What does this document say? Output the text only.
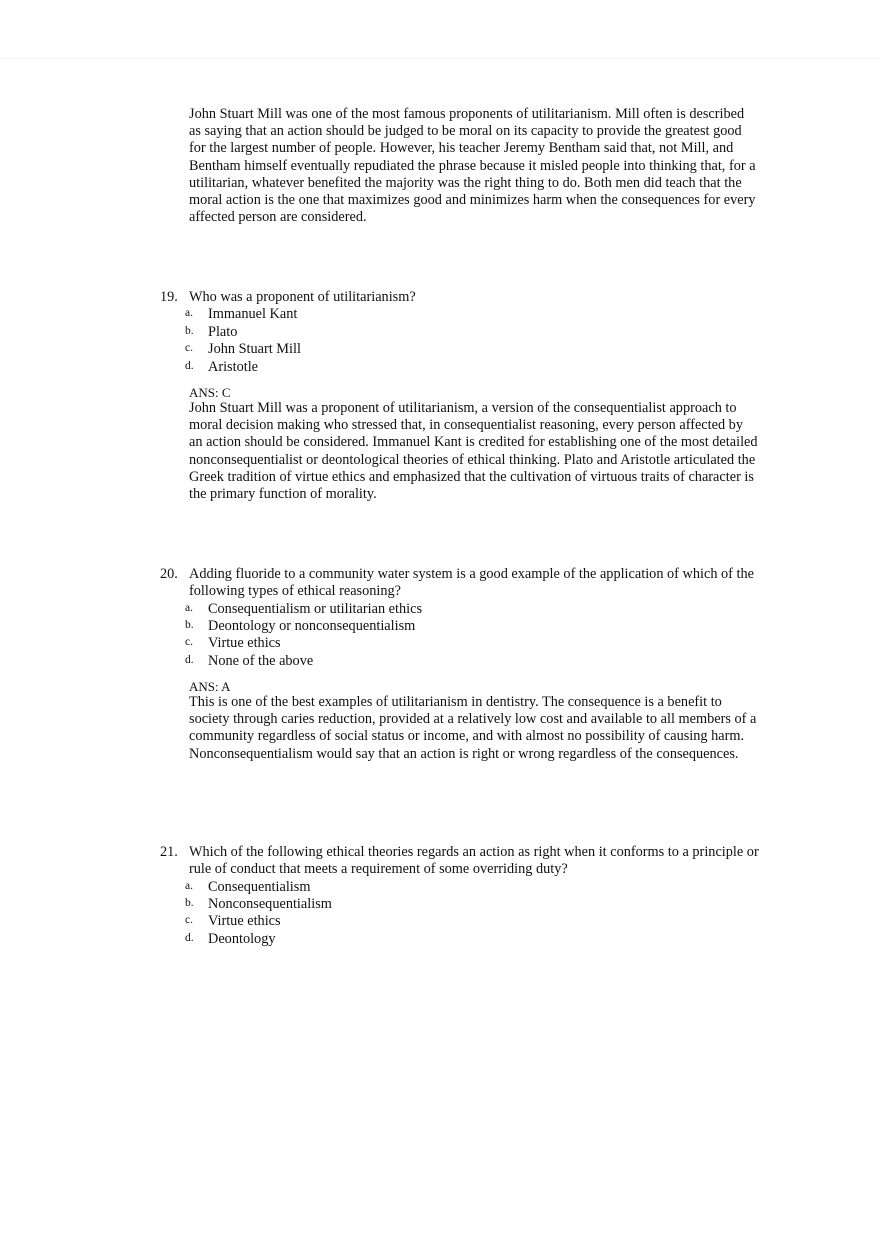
John Stuart Mill was one of the most famous proponents of utilitarianism. Mill often is described as saying that an action should be judged to be moral on its capacity to provide the greatest good for the largest number of people. However, his teacher Jeremy Bentham said that, not Mill, and Bentham himself eventually repudiated the phrase because it misled people into thinking that, for a utilitarian, whatever benefited the majority was the right thing to do. Both men did teach that the moral action is the one that maximizes good and minimizes harm when the consequences for every affected person are considered.

19. Who was a proponent of utilitarianism?

a. Immanuel Kant
b. Plato
c. John Stuart Mill
d. Aristotle
ANS: C

John Stuart Mill was a proponent of utilitarianism, a version of the consequentialist approach to moral decision making who stressed that, in consequentialist reasoning, every person affected by an action should be considered. Immanuel Kant is credited for establishing one of the most detailed nonconsequentialist or deontological theories of ethical thinking. Plato and Aristotle articulated the Greek tradition of virtue ethics and emphasized that the cultivation of virtuous traits of character is the primary function of morality.

20. Adding fluoride to a community water system is a good example of the application of which of the following types of ethical reasoning?

a. Consequentialism or utilitarian ethics
b. Deontology or nonconsequentialism
c. Virtue ethics
d. None of the above
ANS: A

This is one of the best examples of utilitarianism in dentistry. The consequence is a benefit to society through caries reduction, provided at a relatively low cost and available to all members of a community regardless of social status or income, and with almost no possibility of causing harm. Nonconsequentialism would say that an action is right or wrong regardless of the consequences.

21. Which of the following ethical theories regards an action as right when it conforms to a principle or rule of conduct that meets a requirement of some overriding duty?

a. Consequentialism
b. Nonconsequentialism
c. Virtue ethics
d. Deontology
